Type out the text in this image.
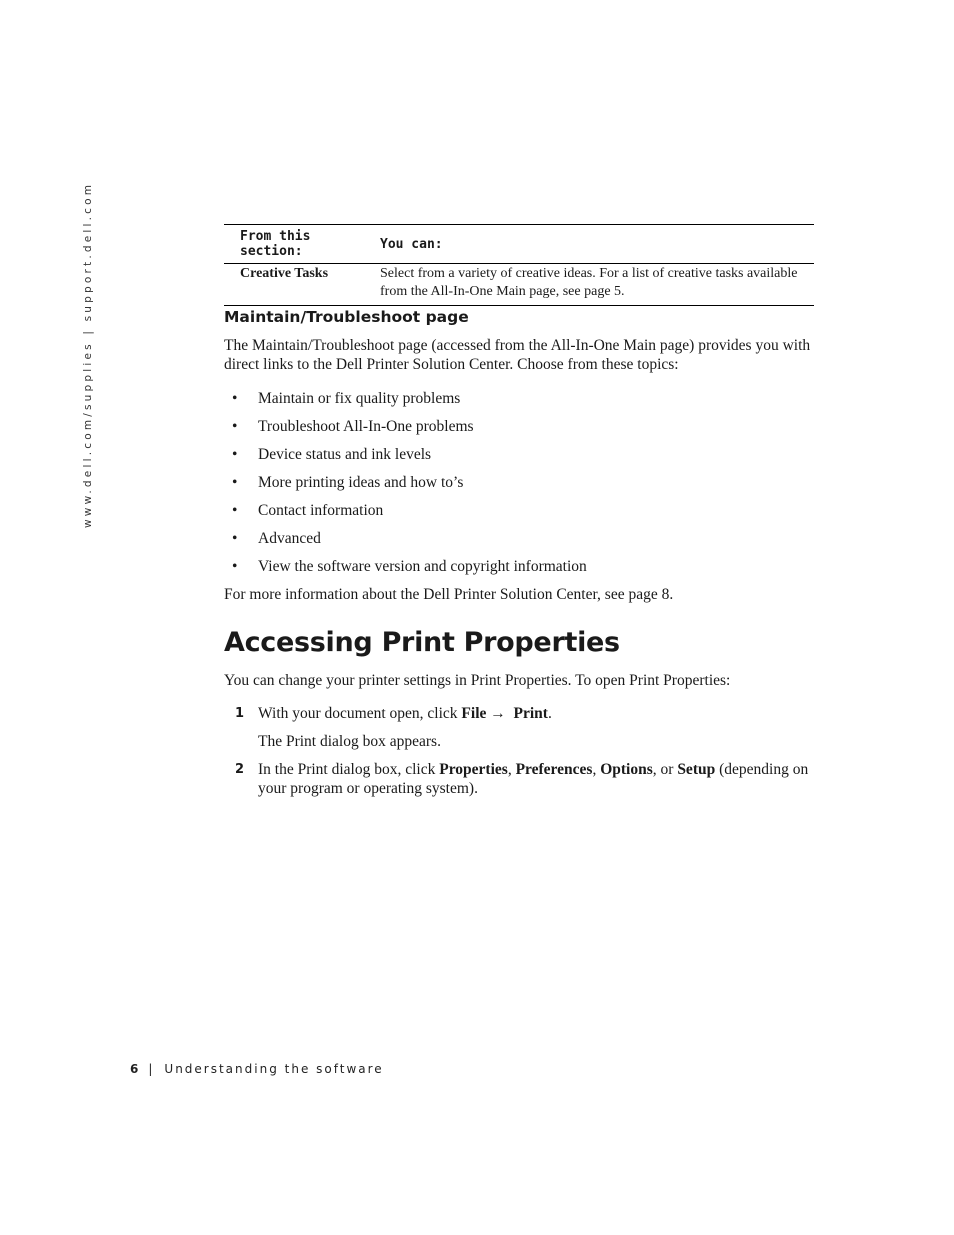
www.dell.com/supplies | support.dell.com	From this section:	You can:
Creative Tasks	Select from a variety of creative ideas. For a list of creative tasks available from the All-In-One Main page, see page 5.
Maintain/Troubleshoot page

The Maintain/Troubleshoot page (accessed from the All-In-One Main page) provides you with direct links to the Dell Printer Solution Center. Choose from these topics:

• Maintain or fix quality problems
• Troubleshoot All-In-One problems
• Device status and ink levels
• More printing ideas and how to’s
• Contact information
• Advanced
• View the software version and copyright information

For more information about the Dell Printer Solution Center, see page 8.

Accessing Print Properties

You can change your printer settings in Print Properties. To open Print Properties:

1 With your document open, click File → Print.
The Print dialog box appears.
2 In the Print dialog box, click Properties, Preferences, Options, or Setup (depending on your program or operating system).
6 | Understanding the software
